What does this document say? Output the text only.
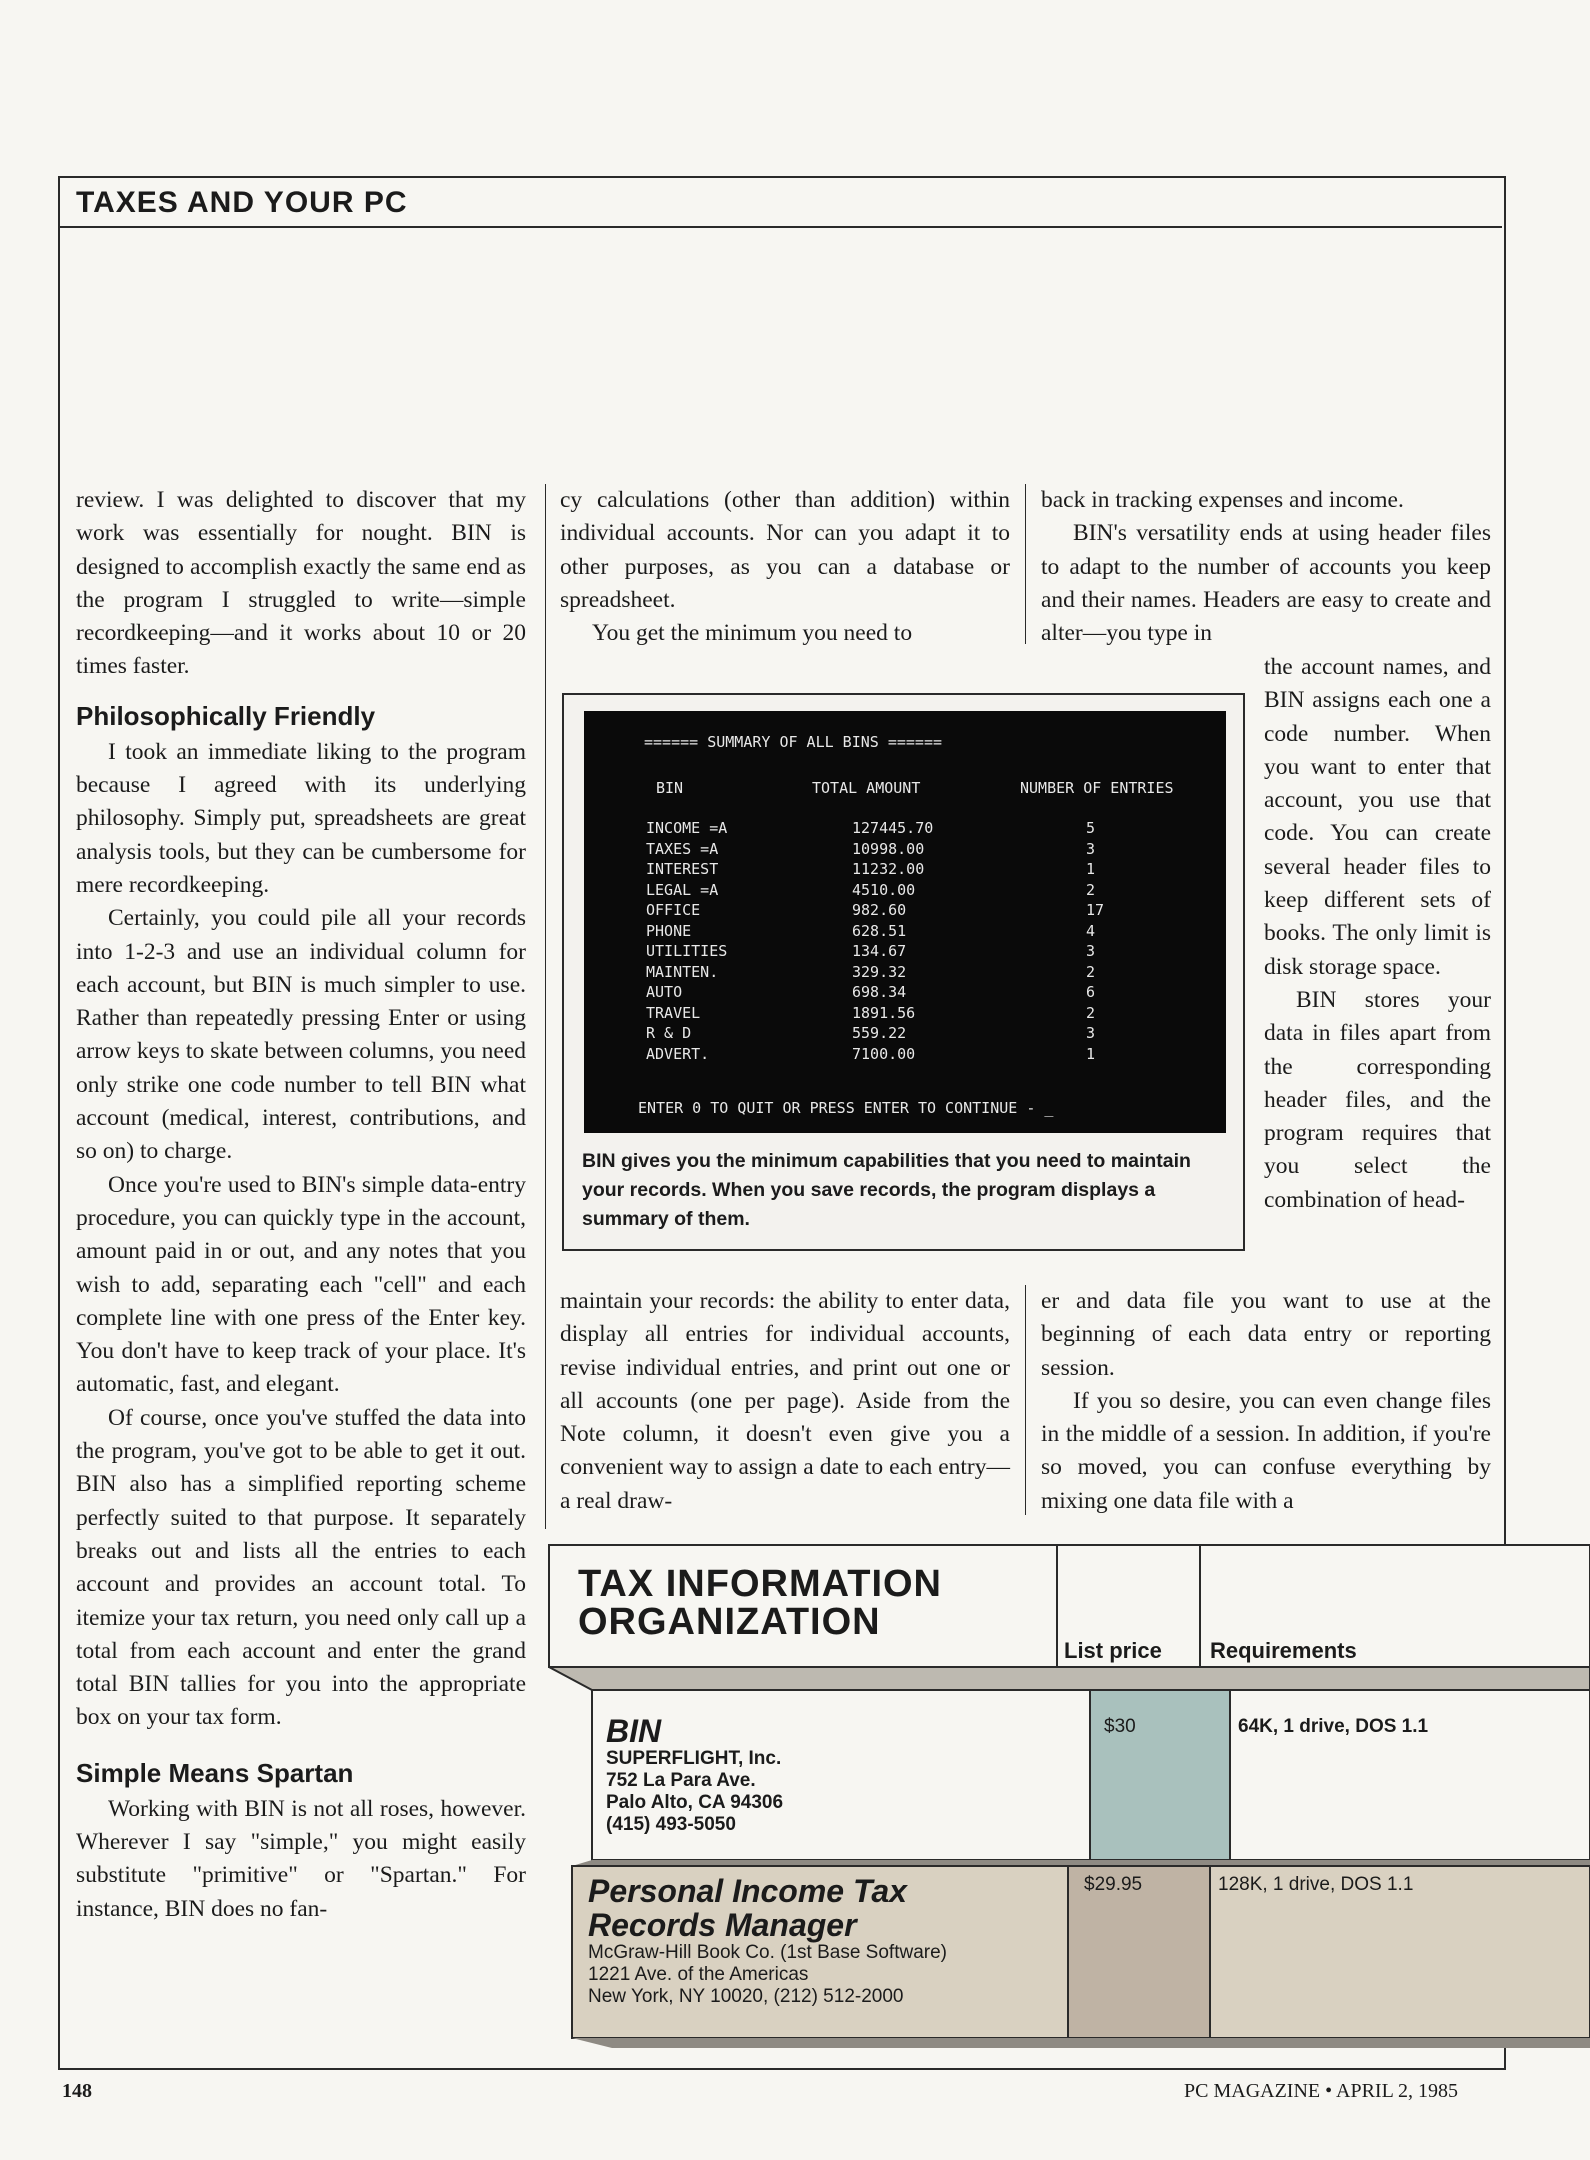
TAXES AND YOUR PC

review. I was delighted to discover that my work was essentially for nought. BIN is designed to accomplish exactly the same end as the program I struggled to write—simple recordkeeping—and it works about 10 or 20 times faster.

Philosophically Friendly

I took an immediate liking to the program because I agreed with its underlying philosophy. Simply put, spreadsheets are great analysis tools, but they can be cumbersome for mere recordkeeping.

Certainly, you could pile all your records into 1-2-3 and use an individual column for each account, but BIN is much simpler to use. Rather than repeatedly pressing Enter or using arrow keys to skate between columns, you need only strike one code number to tell BIN what account (medical, interest, contributions, and so on) to charge.

Once you're used to BIN's simple data-entry procedure, you can quickly type in the account, amount paid in or out, and any notes that you wish to add, separating each "cell" and each complete line with one press of the Enter key. You don't have to keep track of your place. It's automatic, fast, and elegant.

Of course, once you've stuffed the data into the program, you've got to be able to get it out. BIN also has a simplified reporting scheme perfectly suited to that purpose. It separately breaks out and lists all the entries to each account and provides an account total. To itemize your tax return, you need only call up a total from each account and enter the grand total BIN tallies for you into the appropriate box on your tax form.

Simple Means Spartan

Working with BIN is not all roses, however. Wherever I say "simple," you might easily substitute "primitive" or "Spartan." For instance, BIN does no fan-

cy calculations (other than addition) within individual accounts. Nor can you adapt it to other purposes, as you can a database or spreadsheet.

You get the minimum you need to

back in tracking expenses and income.

BIN's versatility ends at using header files to adapt to the number of accounts you keep and their names. Headers are easy to create and alter—you type in

the account names, and BIN assigns each one a code number. When you want to enter that account, you use that code. You can create several header files to keep different sets of books. The only limit is disk storage space.

BIN stores your data in files apart from the corresponding header files, and the program requires that you select the combination of head-

====== SUMMARY OF ALL BINS ======
BIN	TOTAL AMOUNT	NUMBER OF ENTRIES
INCOME =A	127445.70	5
TAXES =A	10998.00	3
INTEREST	11232.00	1
LEGAL =A	4510.00	2
OFFICE	982.60	17
PHONE	628.51	4
UTILITIES	134.67	3
MAINTEN.	329.32	2
AUTO	698.34	6
TRAVEL	1891.56	2
R & D	559.22	3
ADVERT.	7100.00	1
ENTER 0 TO QUIT OR PRESS ENTER TO CONTINUE - _
BIN gives you the minimum capabilities that you need to maintain your records. When you save records, the program displays a summary of them.

maintain your records: the ability to enter data, display all entries for individual accounts, revise individual entries, and print out one or all accounts (one per page). Aside from the Note column, it doesn't even give you a convenient way to assign a date to each entry—a real draw-

er and data file you want to use at the beginning of each data entry or reporting session.

If you so desire, you can even change files in the middle of a session. In addition, if you're so moved, you can confuse everything by mixing one data file with a

TAX INFORMATION
ORGANIZATION
List price Requirements
BIN
SUPERFLIGHT, Inc.
752 La Para Ave.
Palo Alto, CA 94306
(415) 493-5050
$30	64K, 1 drive, DOS 1.1
Personal Income Tax
Records Manager
McGraw-Hill Book Co. (1st Base Software)
1221 Ave. of the Americas
New York, NY 10020, (212) 512-2000
$29.95	128K, 1 drive, DOS 1.1
148	PC MAGAZINE • APRIL 2, 1985
